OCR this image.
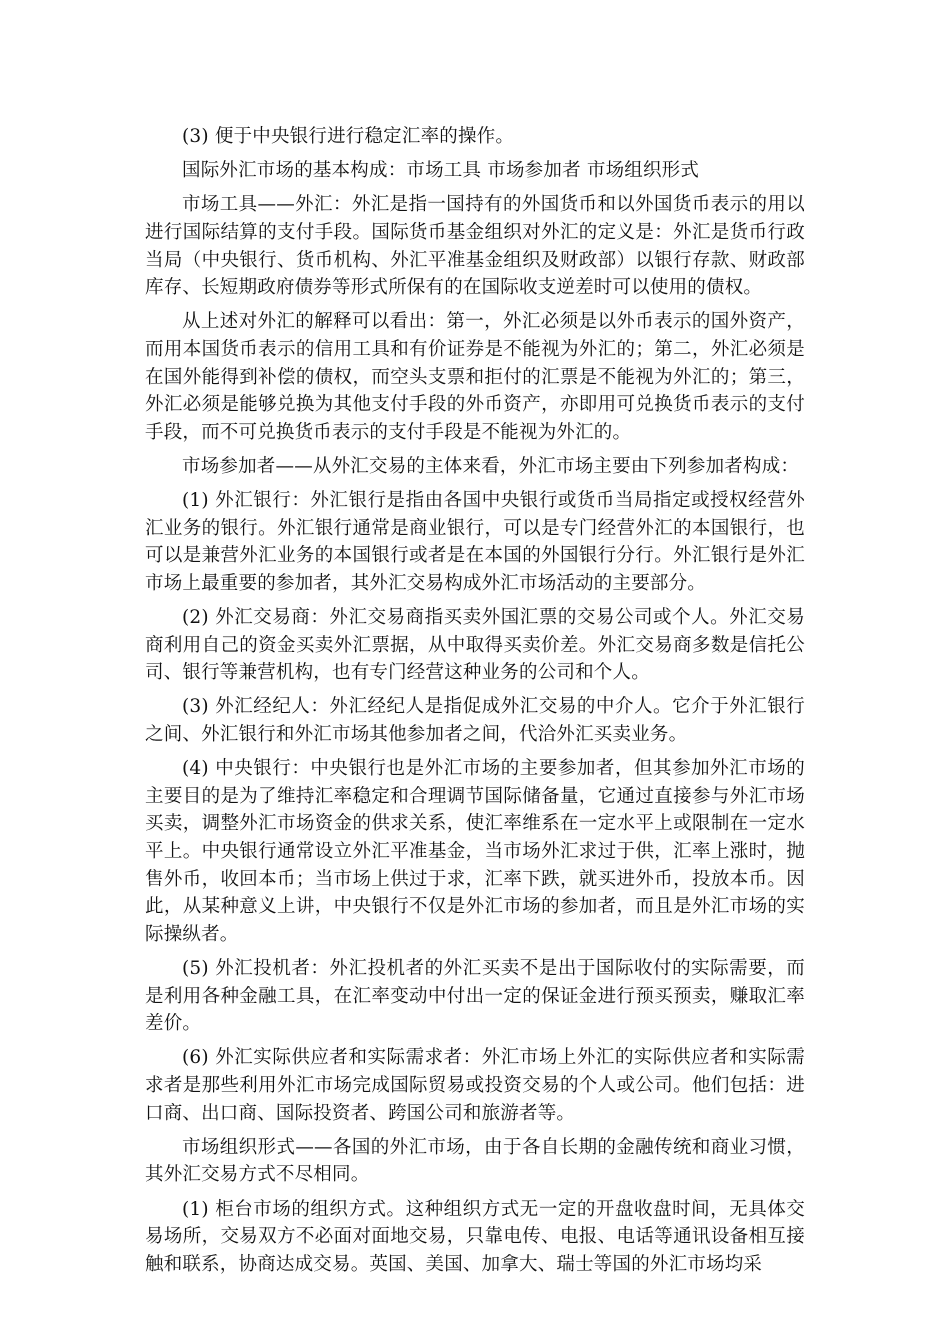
(3) 便于中央银行进行稳定汇率的操作。

国际外汇市场的基本构成：市场工具 市场参加者 市场组织形式

市场工具——外汇：外汇是指一国持有的外国货币和以外国货币表示的用以进行国际结算的支付手段。国际货币基金组织对外汇的定义是：外汇是货币行政当局（中央银行、货币机构、外汇平准基金组织及财政部）以银行存款、财政部库存、长短期政府债券等形式所保有的在国际收支逆差时可以使用的债权。

从上述对外汇的解释可以看出：第一，外汇必须是以外币表示的国外资产，而用本国货币表示的信用工具和有价证券是不能视为外汇的；第二，外汇必须是在国外能得到补偿的债权，而空头支票和拒付的汇票是不能视为外汇的；第三，外汇必须是能够兑换为其他支付手段的外币资产，亦即用可兑换货币表示的支付手段，而不可兑换货币表示的支付手段是不能视为外汇的。

市场参加者——从外汇交易的主体来看，外汇市场主要由下列参加者构成：

(1) 外汇银行：外汇银行是指由各国中央银行或货币当局指定或授权经营外汇业务的银行。外汇银行通常是商业银行，可以是专门经营外汇的本国银行，也可以是兼营外汇业务的本国银行或者是在本国的外国银行分行。外汇银行是外汇市场上最重要的参加者，其外汇交易构成外汇市场活动的主要部分。

(2) 外汇交易商：外汇交易商指买卖外国汇票的交易公司或个人。外汇交易商利用自己的资金买卖外汇票据，从中取得买卖价差。外汇交易商多数是信托公司、银行等兼营机构，也有专门经营这种业务的公司和个人。

(3) 外汇经纪人：外汇经纪人是指促成外汇交易的中介人。它介于外汇银行之间、外汇银行和外汇市场其他参加者之间，代洽外汇买卖业务。

(4) 中央银行：中央银行也是外汇市场的主要参加者，但其参加外汇市场的主要目的是为了维持汇率稳定和合理调节国际储备量，它通过直接参与外汇市场买卖，调整外汇市场资金的供求关系，使汇率维系在一定水平上或限制在一定水平上。中央银行通常设立外汇平准基金，当市场外汇求过于供，汇率上涨时，抛售外币，收回本币；当市场上供过于求，汇率下跌，就买进外币，投放本币。因此，从某种意义上讲，中央银行不仅是外汇市场的参加者，而且是外汇市场的实际操纵者。

(5) 外汇投机者：外汇投机者的外汇买卖不是出于国际收付的实际需要，而是利用各种金融工具，在汇率变动中付出一定的保证金进行预买预卖，赚取汇率差价。

(6) 外汇实际供应者和实际需求者：外汇市场上外汇的实际供应者和实际需求者是那些利用外汇市场完成国际贸易或投资交易的个人或公司。他们包括：进口商、出口商、国际投资者、跨国公司和旅游者等。

市场组织形式——各国的外汇市场，由于各自长期的金融传统和商业习惯，其外汇交易方式不尽相同。

(1) 柜台市场的组织方式。这种组织方式无一定的开盘收盘时间，无具体交易场所，交易双方不必面对面地交易，只靠电传、电报、电话等通讯设备相互接触和联系，协商达成交易。英国、美国、加拿大、瑞士等国的外汇市场均采
